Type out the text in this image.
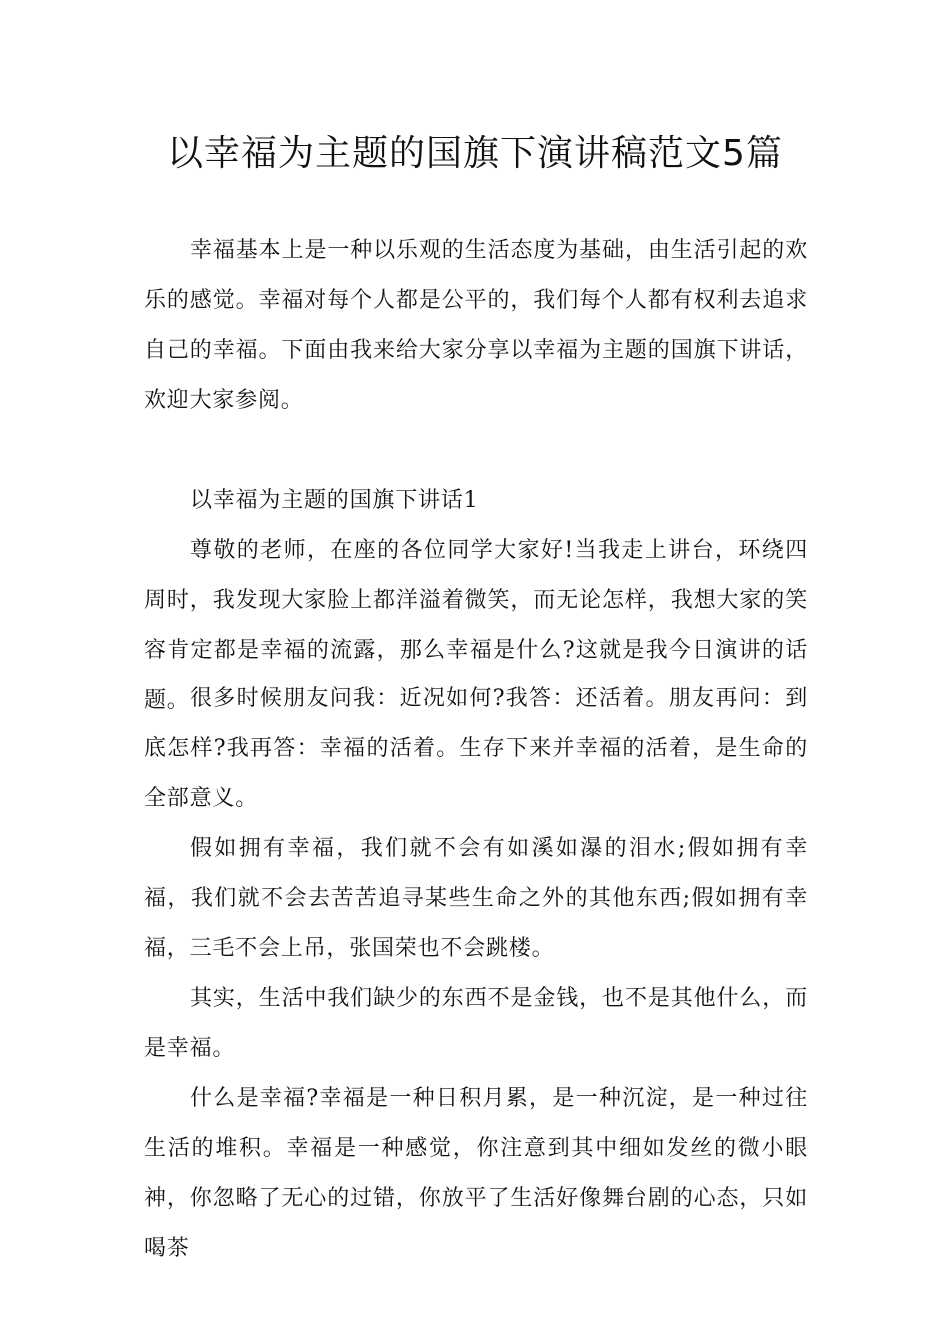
以幸福为主题的国旗下演讲稿范文5篇

幸福基本上是一种以乐观的生活态度为基础，由生活引起的欢乐的感觉。幸福对每个人都是公平的，我们每个人都有权利去追求自己的幸福。下面由我来给大家分享以幸福为主题的国旗下讲话，欢迎大家参阅。

以幸福为主题的国旗下讲话1

尊敬的老师，在座的各位同学大家好!当我走上讲台，环绕四周时，我发现大家脸上都洋溢着微笑，而无论怎样，我想大家的笑容肯定都是幸福的流露，那么幸福是什么?这就是我今日演讲的话题。 很多时候朋友问我：近况如何?我答：还活着。朋友再问：到底怎样?我再答：幸福的活着。生存下来并幸福的活着，是生命的全部意义。

假如拥有幸福，我们就不会有如溪如瀑的泪水;假如拥有幸福，我们就不会去苦苦追寻某些生命之外的其他东西;假如拥有幸福，三毛不会上吊，张国荣也不会跳楼。

其实，生活中我们缺少的东西不是金钱，也不是其他什么，而是幸福。

什么是幸福?幸福是一种日积月累，是一种沉淀，是一种过往生活的堆积。幸福是一种感觉，你注意到其中细如发丝的微小眼神，你忽略了无心的过错，你放平了生活好像舞台剧的心态，只如喝茶
